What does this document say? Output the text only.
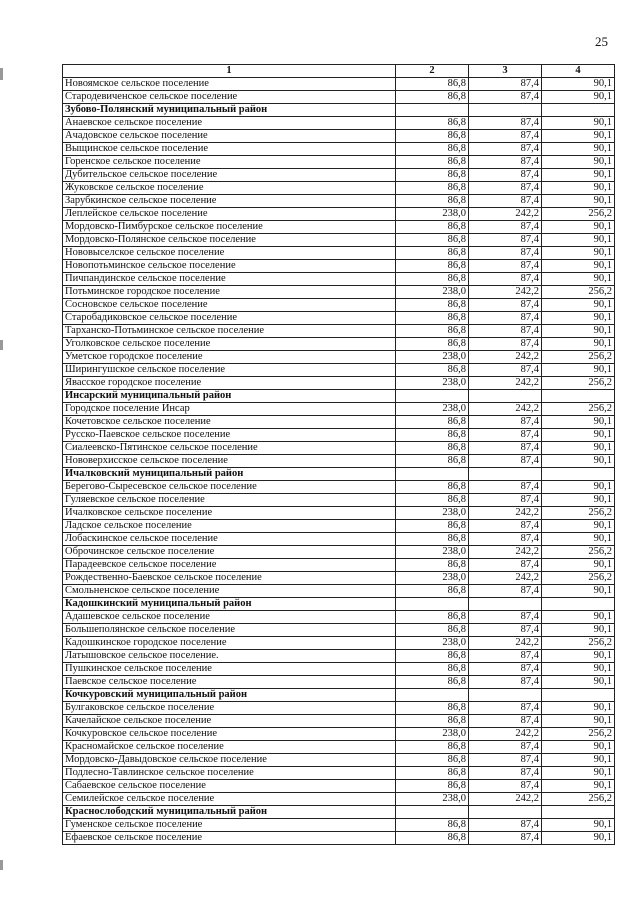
25
1	2	3	4
Новоямское сельское поселение	86,8	87,4	90,1
Стародевиченское сельское поселение	86,8	87,4	90,1
Зубово-Полянский муниципальный район			
Анаевское сельское поселение	86,8	87,4	90,1
Ачадовское сельское поселение	86,8	87,4	90,1
Выщинское сельское поселение	86,8	87,4	90,1
Горенское сельское поселение	86,8	87,4	90,1
Дубительское сельское поселение	86,8	87,4	90,1
Жуковское сельское поселение	86,8	87,4	90,1
Зарубкинское сельское поселение	86,8	87,4	90,1
Леплейское сельское поселение	238,0	242,2	256,2
Мордовско-Пимбурское сельское поселение	86,8	87,4	90,1
Мордовско-Полянское сельское поселение	86,8	87,4	90,1
Нововыселское сельское поселение	86,8	87,4	90,1
Новопотьминское сельское поселение	86,8	87,4	90,1
Пичпандинское сельское поселение	86,8	87,4	90,1
Потьминское городское поселение	238,0	242,2	256,2
Сосновское сельское поселение	86,8	87,4	90,1
Старобадиковское сельское поселение	86,8	87,4	90,1
Тарханско-Потьминское сельское поселение	86,8	87,4	90,1
Уголковское сельское поселение	86,8	87,4	90,1
Уметское городское поселение	238,0	242,2	256,2
Ширингушское сельское поселение	86,8	87,4	90,1
Явасское городское поселение	238,0	242,2	256,2
Инсарский муниципальный район			
Городское поселение Инсар	238,0	242,2	256,2
Кочетовское сельское поселение	86,8	87,4	90,1
Русско-Паевское сельское поселение	86,8	87,4	90,1
Сиалеевско-Пятинское сельское поселение	86,8	87,4	90,1
Нововерхисское сельское поселение	86,8	87,4	90,1
Ичалковский муниципальный район			
Берегово-Сыресевское сельское поселение	86,8	87,4	90,1
Гуляевское сельское поселение	86,8	87,4	90,1
Ичалковское сельское поселение	238,0	242,2	256,2
Ладское сельское поселение	86,8	87,4	90,1
Лобаскинское сельское поселение	86,8	87,4	90,1
Оброчинское сельское поселение	238,0	242,2	256,2
Парадеевское сельское поселение	86,8	87,4	90,1
Рождественно-Баевское сельское поселение	238,0	242,2	256,2
Смольненское сельское поселение	86,8	87,4	90,1
Кадошкинский муниципальный район			
Адашевское сельское поселение	86,8	87,4	90,1
Большеполянское сельское поселение	86,8	87,4	90,1
Кадошкинское городское поселение	238,0	242,2	256,2
Латышовское сельское поселение.	86,8	87,4	90,1
Пушкинское сельское поселение	86,8	87,4	90,1
Паевское сельское поселение	86,8	87,4	90,1
Кочкуровский муниципальный район			
Булгаковское сельское поселение	86,8	87,4	90,1
Качелайское сельское поселение	86,8	87,4	90,1
Кочкуровское сельское поселение	238,0	242,2	256,2
Красномайское сельское поселение	86,8	87,4	90,1
Мордовско-Давыдовское сельское поселение	86,8	87,4	90,1
Подлесно-Тавлинское сельское поселение	86,8	87,4	90,1
Сабаевское сельское поселение	86,8	87,4	90,1
Семилейское сельское поселение	238,0	242,2	256,2
Краснослободский муниципальный район			
Гуменское сельское поселение	86,8	87,4	90,1
Ефаевское сельское поселение	86,8	87,4	90,1
